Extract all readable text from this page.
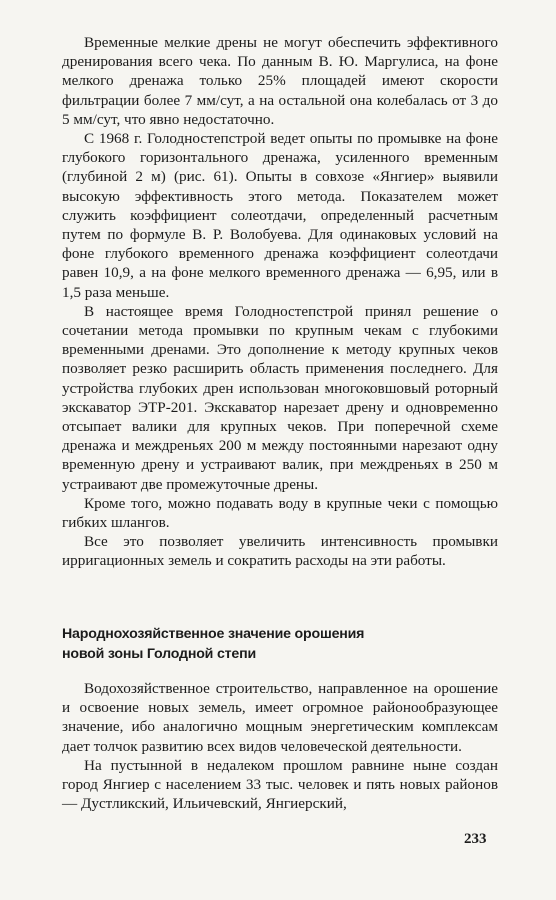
Временные мелкие дрены не могут обеспечить эффективного дренирования всего чека. По данным В. Ю. Маргулиса, на фоне мелкого дренажа только 25% площадей имеют скорости фильтрации более 7 мм/сут, а на остальной она колебалась от 3 до 5 мм/сут, что явно недостаточно.

С 1968 г. Голодностепстрой ведет опыты по промывке на фоне глубокого горизонтального дренажа, усиленного временным (глубиной 2 м) (рис. 61). Опыты в совхозе «Янгиер» выявили высокую эффективность этого метода. Показателем может служить коэффициент солеотдачи, определенный расчетным путем по формуле В. Р. Волобуева. Для одинаковых условий на фоне глубокого временного дренажа коэффициент солеотдачи равен 10,9, а на фоне мелкого временного дренажа — 6,95, или в 1,5 раза меньше.

В настоящее время Голодностепстрой принял решение о сочетании метода промывки по крупным чекам с глубокими временными дренами. Это дополнение к методу крупных чеков позволяет резко расширить область применения последнего. Для устройства глубоких дрен использован многоковшовый роторный экскаватор ЭТР-201. Экскаватор нарезает дрену и одновременно отсыпает валики для крупных чеков. При поперечной схеме дренажа и междреньях 200 м между постоянными нарезают одну временную дрену и устраивают валик, при междреньях в 250 м устраивают две промежуточные дрены.

Кроме того, можно подавать воду в крупные чеки с помощью гибких шлангов.

Все это позволяет увеличить интенсивность промывки ирригационных земель и сократить расходы на эти работы.

Народнохозяйственное значение орошения
новой зоны Голодной степи

Водохозяйственное строительство, направленное на орошение и освоение новых земель, имеет огромное районообразующее значение, ибо аналогично мощным энергетическим комплексам дает толчок развитию всех видов человеческой деятельности.

На пустынной в недалеком прошлом равнине ныне создан город Янгиер с населением 33 тыс. человек и пять новых районов — Дустликский, Ильичевский, Янгиерский,

233
